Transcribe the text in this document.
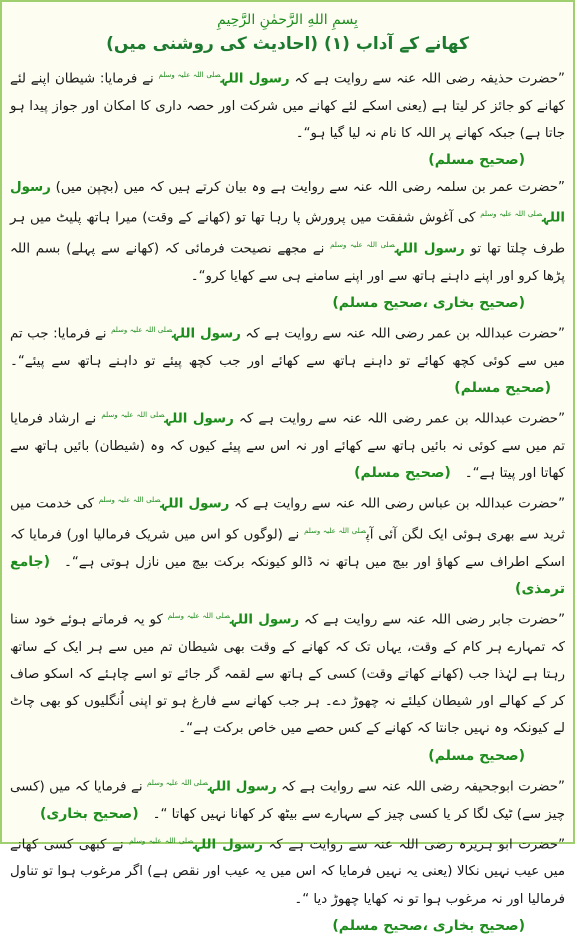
بِسمِ اللهِ الرَّحمٰنِ الرَّحِيمِ
کھانے کے آداب (۱) (احادیث کی روشنی میں)

”حضرت حذیفہ رضی اللہ عنہ سے روایت ہے کہ رسول اللہ$^{صلی اللہ علیہ وسلم}$ نے فرمایا: شیطان اپنے لئے کھانے کو جائز کر لیتا ہے (یعنی اسکے لئے کھانے میں شرکت اور حصہ داری کا امکان اور جواز پیدا ہو جاتا ہے) جبکہ کھانے پر اللہ کا نام نہ لیا گیا ہو“۔

(صحیح مسلم)

”حضرت عمر بن سلمہ رضی اللہ عنہ سے روایت ہے وہ بیان کرتے ہیں کہ میں (بچپن میں) رسول اللہ$^{صلی اللہ علیہ وسلم}$ کی آغوش شفقت میں پرورش پا رہا تھا تو (کھانے کے وقت) میرا ہاتھ پلیٹ میں ہر طرف چلتا تھا تو رسول اللہ$^{صلی اللہ علیہ وسلم}$ نے مجھے نصیحت فرمائی کہ (کھانے سے پہلے) بسم اللہ پڑھا کرو اور اپنے داہنے ہاتھ سے اور اپنے سامنے ہی سے کھایا کرو“۔

(صحیح بخاری ،صحیح مسلم)

”حضرت عبداللہ بن عمر رضی اللہ عنہ سے روایت ہے کہ رسول اللہ$^{صلی اللہ علیہ وسلم}$ نے فرمایا: جب تم میں سے کوئی کچھ کھائے تو داہنے ہاتھ سے کھائے اور جب کچھ پیئے تو داہنے ہاتھ سے پیئے“۔(صحیح مسلم)

”حضرت عبداللہ بن عمر رضی اللہ عنہ سے روایت ہے کہ رسول اللہ$^{صلی اللہ علیہ وسلم}$ نے ارشاد فرمایا تم میں سے کوئی نہ بائیں ہاتھ سے کھائے اور نہ اس سے پیئے کیوں کہ وہ (شیطان) بائیں ہاتھ سے کھاتا اور پیتا ہے“۔(صحیح مسلم)

”حضرت عبداللہ بن عباس رضی اللہ عنہ سے روایت ہے کہ رسول اللہ$^{صلی اللہ علیہ وسلم}$ کی خدمت میں ثرید سے بھری ہوئی ایک لگن آئی آپ$^{صلی اللہ علیہ وسلم}$ نے (لوگوں کو اس میں شریک فرمالیا اور) فرمایا کہ اسکے اطراف سے کھاؤ اور بیچ میں ہاتھ نہ ڈالو کیونکہ برکت بیچ میں نازل ہوتی ہے“۔(جامع ترمذی)

”حضرت جابر رضی اللہ عنہ سے روایت ہے کہ رسول اللہ$^{صلی اللہ علیہ وسلم}$ کو یہ فرماتے ہوئے خود سنا کہ تمہارے ہر کام کے وقت، یہاں تک کہ کھانے کے وقت بھی شیطان تم میں سے ہر ایک کے ساتھ رہتا ہے لہٰذا جب (کھانے کھاتے وقت) کسی کے ہاتھ سے لقمہ گر جائے تو اسے چاہئے کہ اسکو صاف کر کے کھالے اور شیطان کیلئے نہ چھوڑ دے۔ ہر جب کھانے سے فارغ ہو تو اپنی اُنگلیوں کو بھی چاٹ لے کیونکہ وہ نہیں جانتا کہ کھانے کے کس حصے میں خاص برکت ہے“۔

(صحیح مسلم)

”حضرت ابوجحیفہ رضی اللہ عنہ سے روایت ہے کہ رسول اللہ$^{صلی اللہ علیہ وسلم}$ نے فرمایا کہ میں (کسی چیز سے) ٹیک لگا کر یا کسی چیز کے سہارے سے بیٹھ کر کھانا نہیں کھاتا “۔(صحیح بخاری)

”حضرت ابو ہریرہ رضی اللہ عنہ سے روایت ہے کہ رسول اللہ$^{صلی اللہ علیہ وسلم}$ نے کبھی کسی کھانے میں عیب نہیں نکالا (یعنی یہ نہیں فرمایا کہ اس میں یہ عیب اور نقص ہے) اگر مرغوب ہوا تو تناول فرمالیا اور نہ مرغوب ہوا تو نہ کھایا چھوڑ دیا “۔

(صحیح بخاری ،صحیح مسلم)
